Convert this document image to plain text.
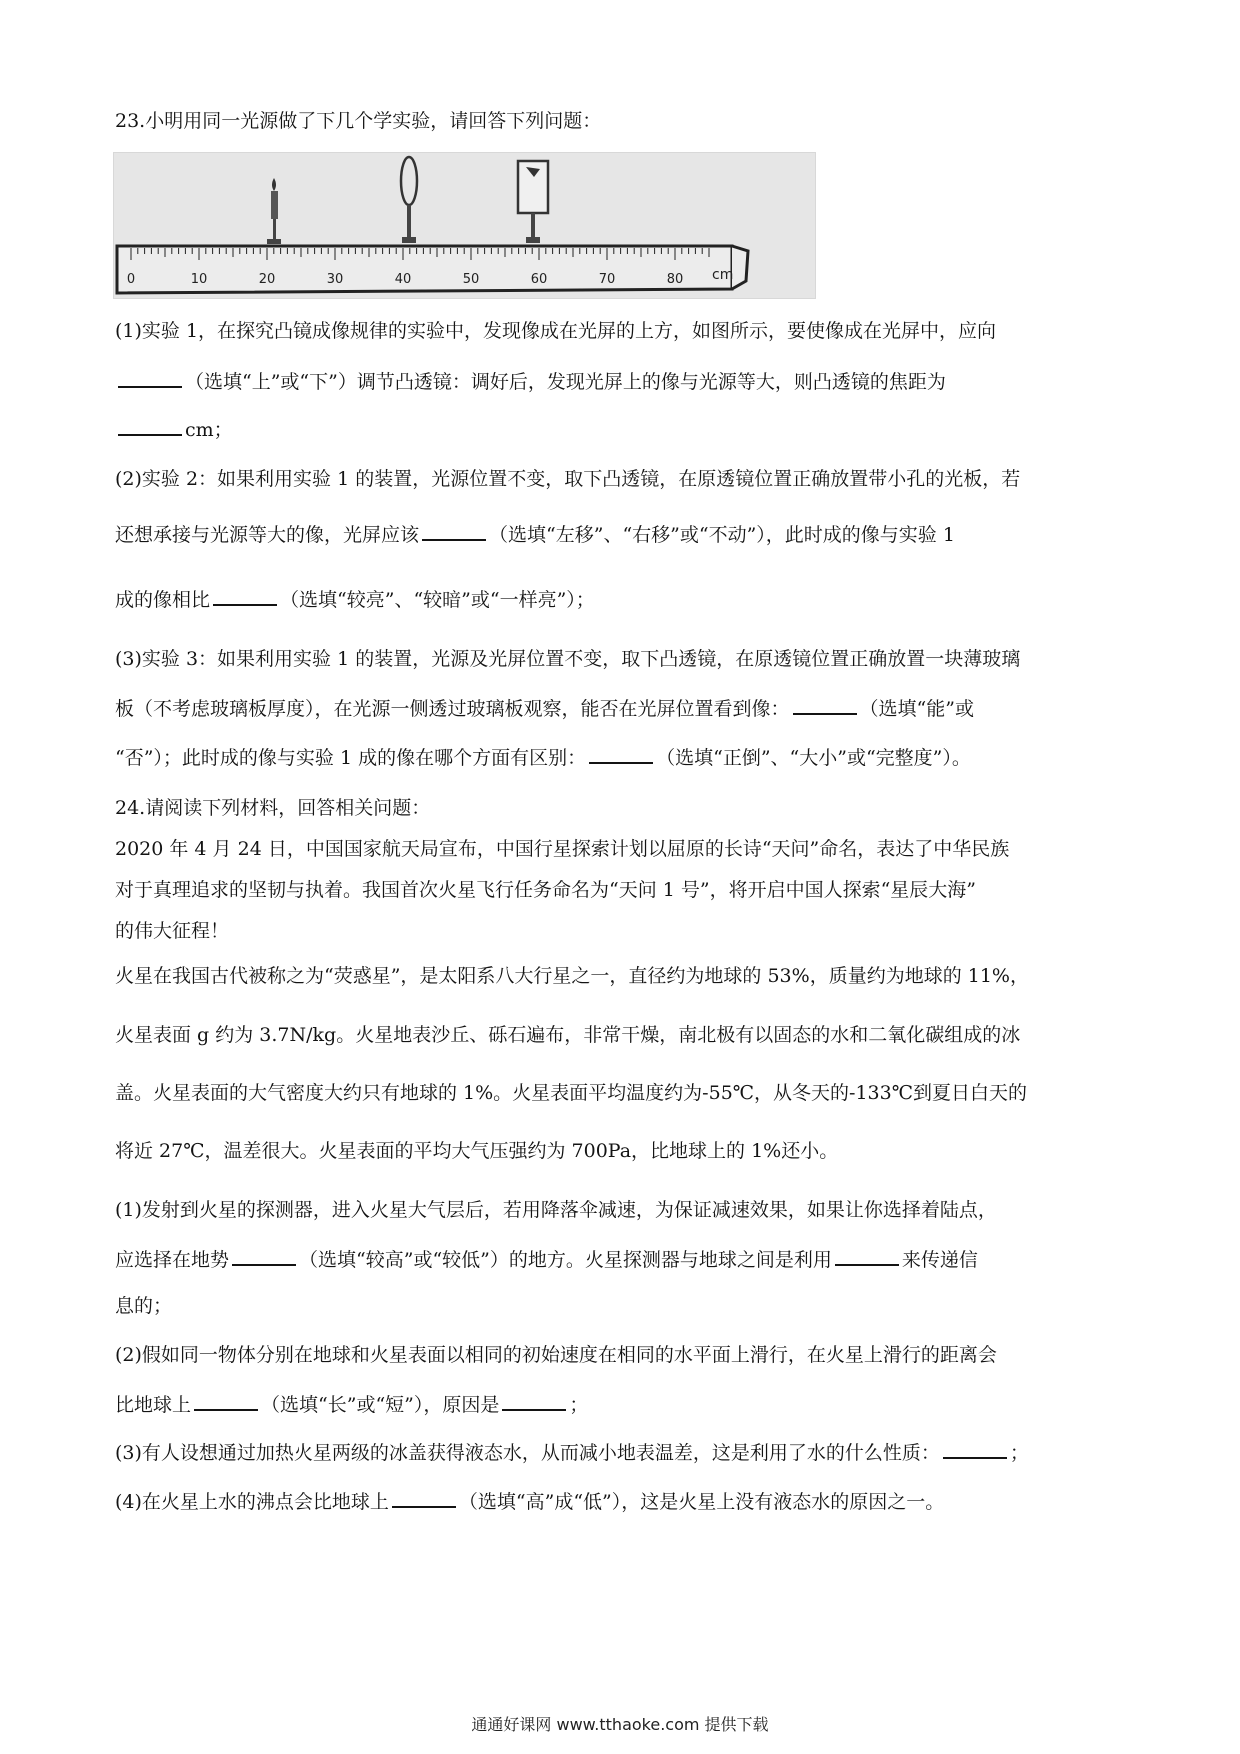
23.小明用同一光源做了下几个学实验，请回答下列问题：
0	10	20	30	40	50	60	70	80 cm
(1)实验 1，在探究凸镜成像规律的实验中，发现像成在光屏的上方，如图所示，要使像成在光屏中，应向
（选填“上”或“下”）调节凸透镜：调好后，发现光屏上的像与光源等大，则凸透镜的焦距为
cm；
(2)实验 2：如果利用实验 1 的装置，光源位置不变，取下凸透镜，在原透镜位置正确放置带小孔的光板，若
还想承接与光源等大的像，光屏应该	（选填“左移”、“右移”或“不动”），此时成的像与实验 1
成的像相比	（选填“较亮”、“较暗”或“一样亮”）；
(3)实验 3：如果利用实验 1 的装置，光源及光屏位置不变，取下凸透镜，在原透镜位置正确放置一块薄玻璃
板（不考虑玻璃板厚度），在光源一侧透过玻璃板观察，能否在光屏位置看到像：	（选填“能”或
“否”）；此时成的像与实验 1 成的像在哪个方面有区别：	（选填“正倒”、“大小”或“完整度”）。
24.请阅读下列材料，回答相关问题：
2020 年 4 月 24 日，中国国家航天局宣布，中国行星探索计划以屈原的长诗“天问”命名，表达了中华民族
对于真理追求的坚韧与执着。我国首次火星飞行任务命名为“天问 1 号”，将开启中国人探索“星辰大海”
的伟大征程！
火星在我国古代被称之为“荧惑星”，是太阳系八大行星之一，直径约为地球的 53%，质量约为地球的 11%，
火星表面 g 约为 3.7N/kg。火星地表沙丘、砾石遍布，非常干燥，南北极有以固态的水和二氧化碳组成的冰
盖。火星表面的大气密度大约只有地球的 1%。火星表面平均温度约为-55℃，从冬天的-133℃到夏日白天的
将近 27℃，温差很大。火星表面的平均大气压强约为 700Pa，比地球上的 1%还小。
(1)发射到火星的探测器，进入火星大气层后，若用降落伞减速，为保证减速效果，如果让你选择着陆点，
应选择在地势	（选填“较高”或“较低”）的地方。火星探测器与地球之间是利用	来传递信
息的；
(2)假如同一物体分别在地球和火星表面以相同的初始速度在相同的水平面上滑行，在火星上滑行的距离会
比地球上	（选填“长”或“短”），原因是	；
(3)有人设想通过加热火星两级的冰盖获得液态水，从而减小地表温差，这是利用了水的什么性质：	；
(4)在火星上水的沸点会比地球上	（选填“高”成“低”），这是火星上没有液态水的原因之一。
通通好课网 www.tthaoke.com 提供下载
